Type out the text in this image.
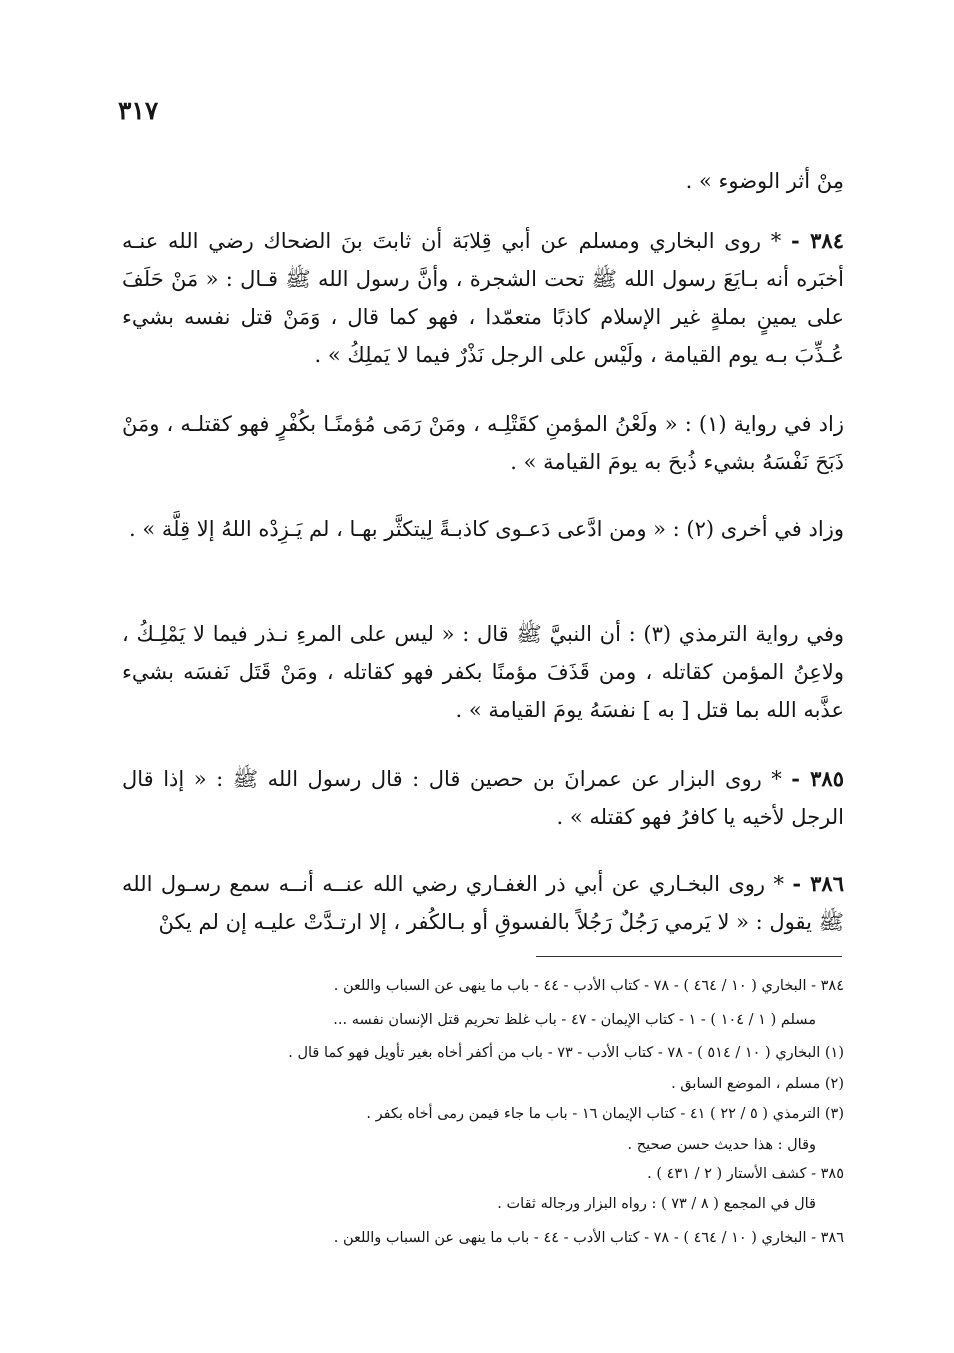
٣١٧
مِنْ أثر الوضوء » .
٣٨٤ - * روى البخاري ومسلم عن أبي قِلابَة أن ثابتَ بنَ الضحاك رضي الله عنـه أخبَره أنه بـايَعَ رسول الله ﷺ تحت الشجرة ، وأنَّ رسول الله ﷺ قـال : « مَنْ حَلَفَ على يمينٍ بملةٍ غير الإسلام كاذبًا متعمّدا ، فهو كما قال ، وَمَنْ قتل نفسه بشيء عُـذِّبَ بـه يوم القيامة ، ولَيْس على الرجل نَذْرٌ فيما لا يَملِكُ » .
زاد في رواية (١) : « ولَعْنُ المؤمنِ كقَتْلِـه ، ومَنْ رَمَى مُؤمنًـا بكُفْرٍ فهو كقتلـه ، ومَنْ ذَبَحَ نَفْسَهُ بشيء ذُبحَ به يومَ القيامة » .
وزاد في أخرى (٢) : « ومن ادَّعى دَعـوى كاذبـةً لِيتكثَّر بهـا ، لم يَـزِدْه اللهُ إلا قِلَّة » .
وفي رواية الترمذي (٣) : أن النبيَّ ﷺ قال : « ليس على المرءِ نـذر فيما لا يَمْلِـكُ ، ولاعِنُ المؤمن كقاتله ، ومن قَذَفَ مؤمنًا بكفر فهو كقاتله ، ومَنْ قَتَل نَفسَه بشيء عذَّبه الله بما قتل [ به ] نفسَهُ يومَ القيامة » .
٣٨٥ - * روى البزار عن عمرانَ بن حصين قال : قال رسول الله ﷺ : « إذا قال الرجل لأخيه يا كافرُ فهو كقتله » .
٣٨٦ - * روى البخـاري عن أبي ذر الغفـاري رضي الله عنــه أنــه سمع رسـول الله ﷺ يقول : « لا يَرمي رَجُلٌ رَجُلاً بالفسوقِ أو بـالكُفر ، إلا ارتـدَّتْ عليـه إن لم يكنْ
٣٨٤ - البخاري ( ١٠ / ٤٦٤ ) - ٧٨ - كتاب الأدب - ٤٤ - باب ما ينهى عن السباب واللعن .
مسلم ( ١ / ١٠٤ ) - ١ - كتاب الإيمان - ٤٧ - باب غلظ تحريم قتل الإنسان نفسه ...
(١) البخاري ( ١٠ / ٥١٤ ) - ٧٨ - كتاب الأدب - ٧٣ - باب من أكفر أخاه بغير تأويل فهو كما قال .
(٢) مسلم ، الموضع السابق .
(٣) الترمذي ( ٥ / ٢٢ ) ٤١ - كتاب الإيمان ١٦ - باب ما جاء فيمن رمى أخاه بكفر .
وقال : هذا حديث حسن صحيح .
٣٨٥ - كشف الأستار ( ٢ / ٤٣١ ) .
قال في المجمع ( ٨ / ٧٣ ) : رواه البزار ورجاله ثقات .
٣٨٦ - البخاري ( ١٠ / ٤٦٤ ) - ٧٨ - كتاب الأدب - ٤٤ - باب ما ينهى عن السباب واللعن .
